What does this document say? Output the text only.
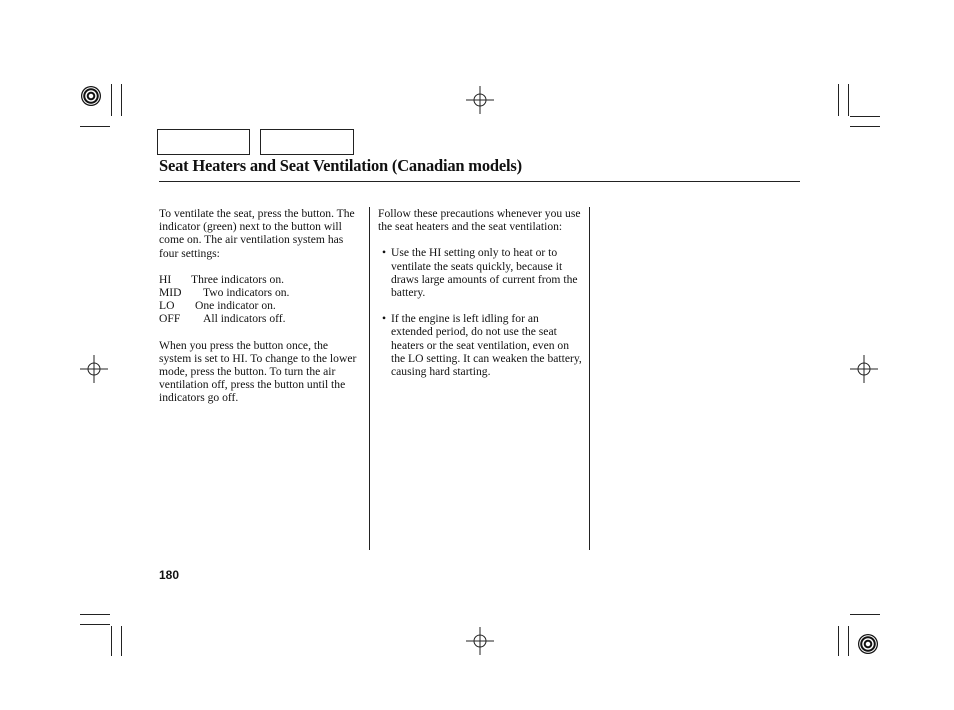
Seat Heaters and Seat Ventilation (Canadian models)

To ventilate the seat, press the button. The indicator (green) next to the button will come on. The air ventilation system has four settings:

HI Three indicators on.
MID Two indicators on.
LO One indicator on.
OFF All indicators off.

When you press the button once, the system is set to HI. To change to the lower mode, press the button. To turn the air ventilation off, press the button until the indicators go off.

Follow these precautions whenever you use the seat heaters and the seat ventilation:

• Use the HI setting only to heat or to ventilate the seats quickly, because it draws large amounts of current from the battery.
• If the engine is left idling for an extended period, do not use the seat heaters or the seat ventilation, even on the LO setting. It can weaken the battery, causing hard starting.
180
